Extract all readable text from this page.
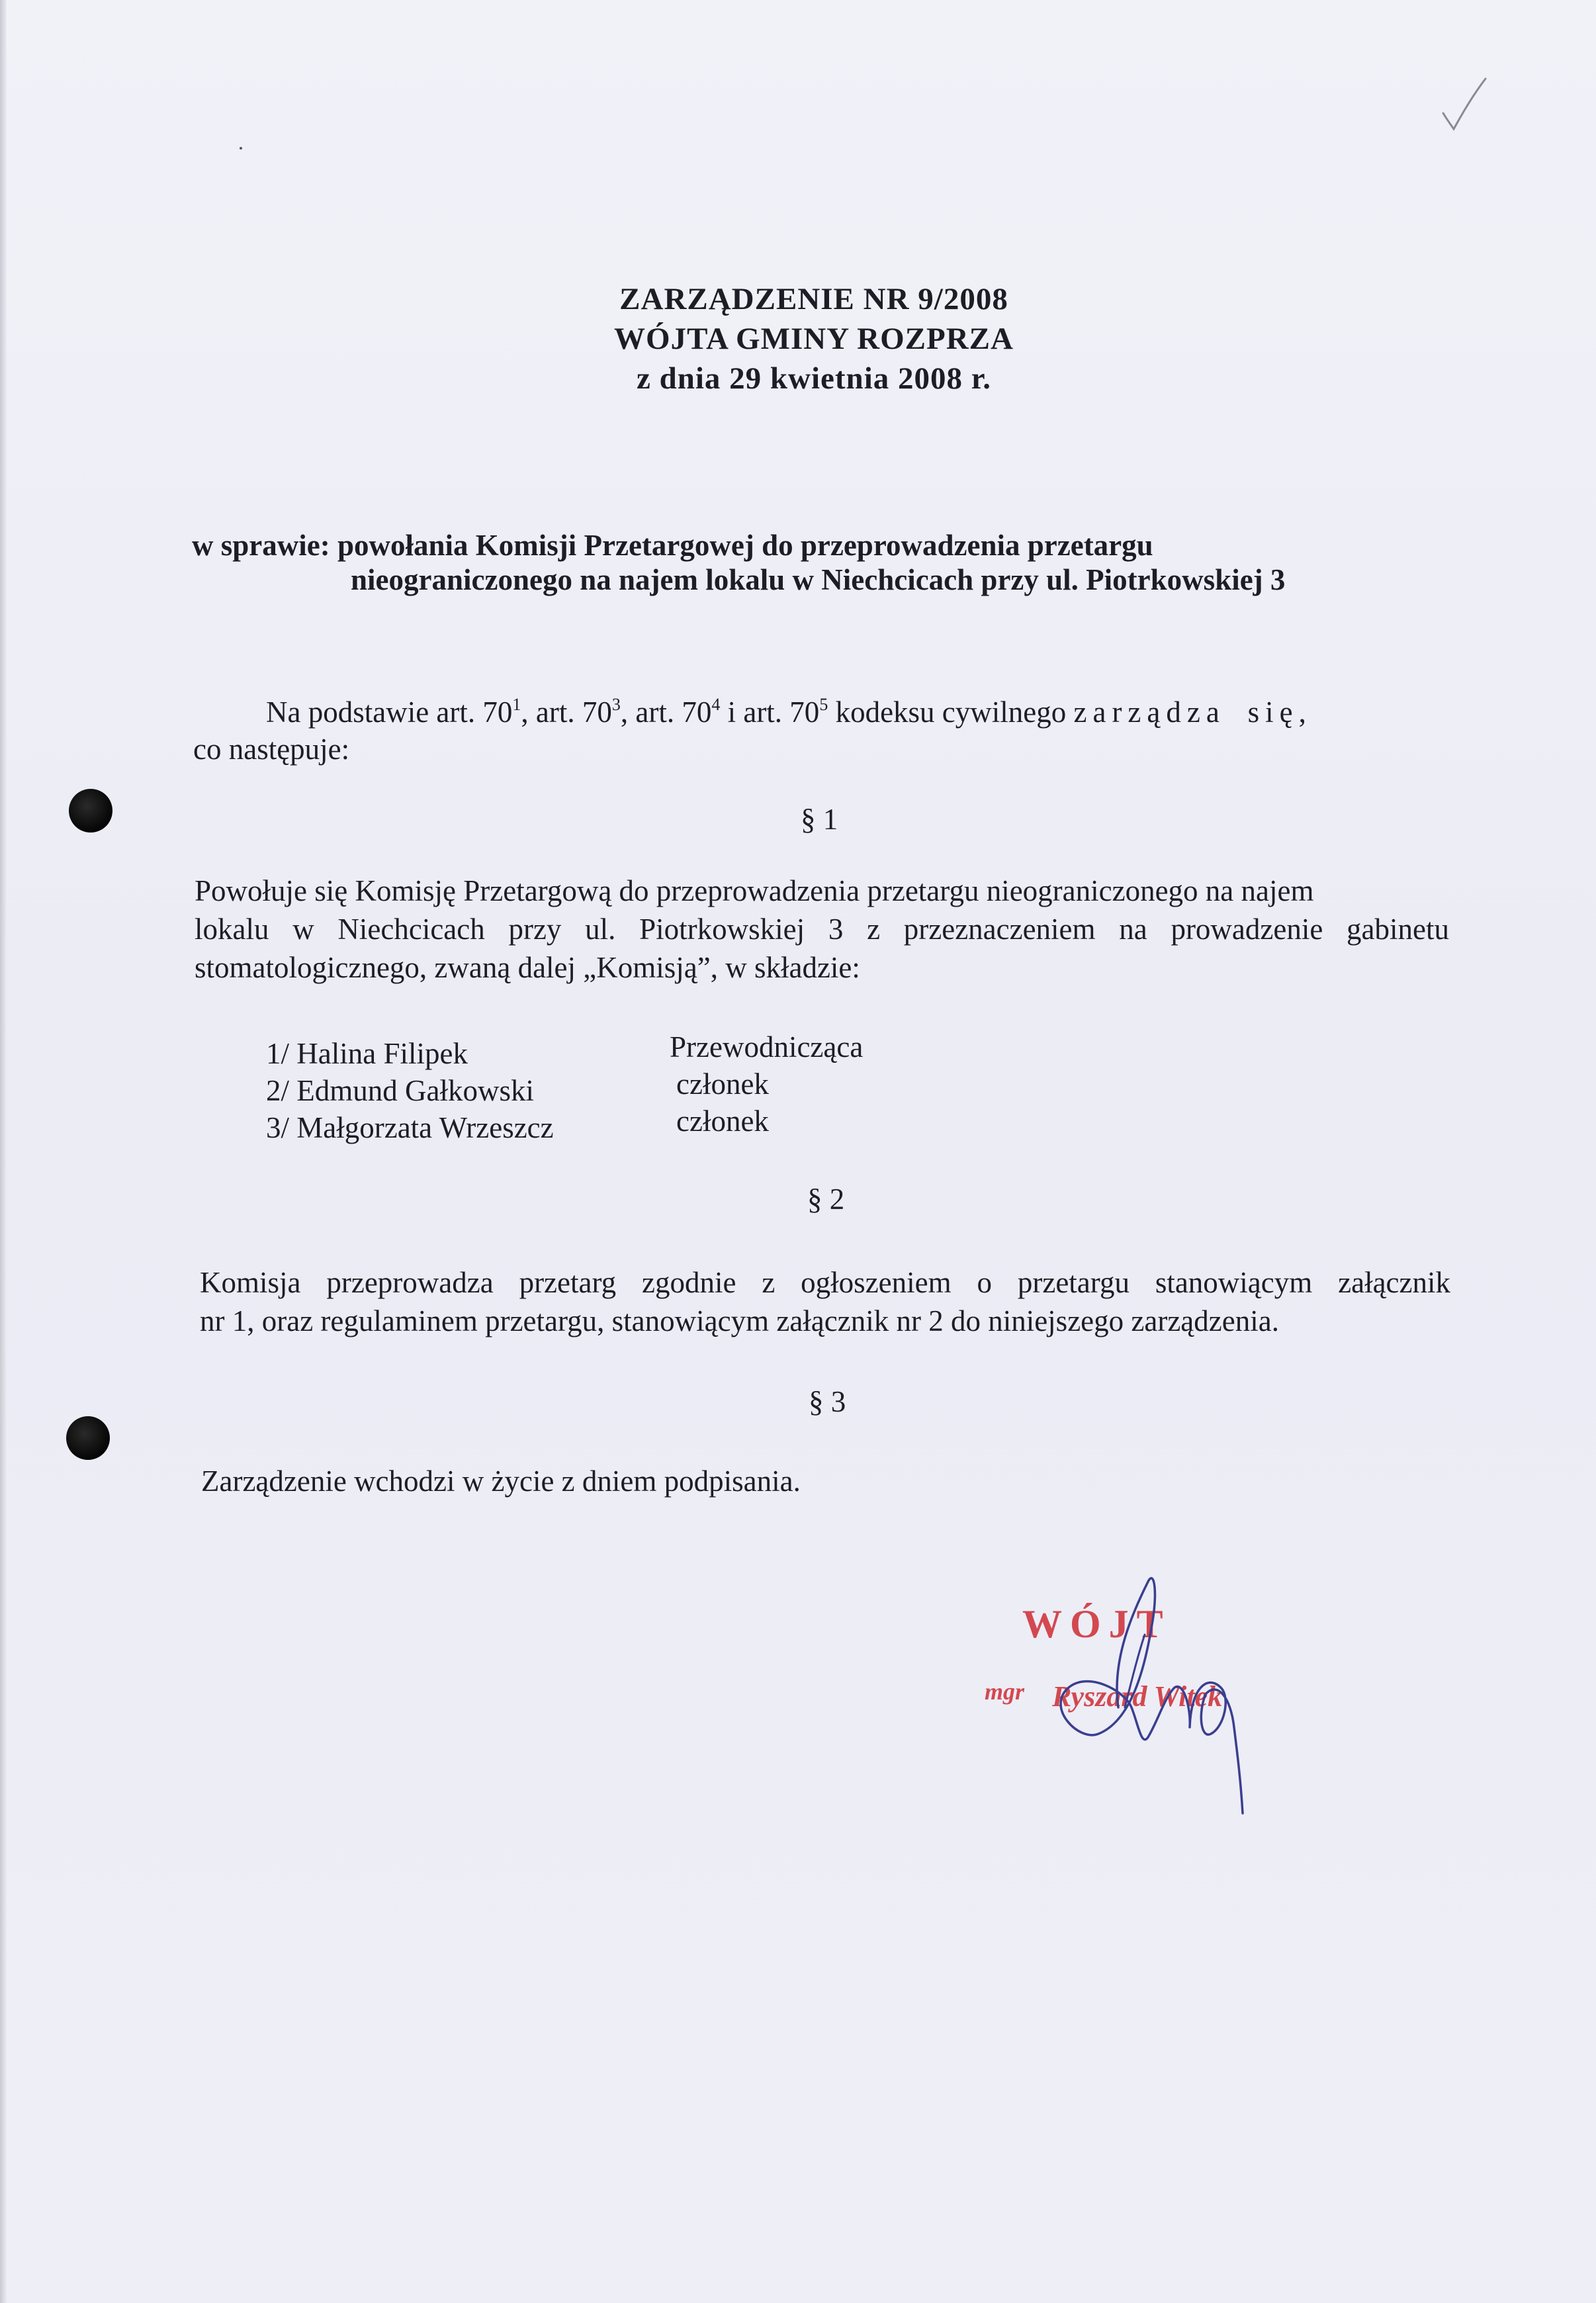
ZARZĄDZENIE NR 9/2008
WÓJTA GMINY ROZPRZA
z dnia 29 kwietnia 2008 r.
w sprawie: powołania Komisji Przetargowej do przeprowadzenia przetargu
nieograniczonego na najem lokalu w Niechcicach przy ul. Piotrkowskiej 3
Na podstawie art. $70^1$, art. $70^3$, art. $70^4$ i art. $70^5$ kodeksu cywilnego zarządza się,
co następuje:
§ 1
Powołuje się Komisję Przetargową do przeprowadzenia przetargu nieograniczonego na najem
lokalu w Niechcicach przy ul. Piotrkowskiej 3 z przeznaczeniem na prowadzenie gabinetu
stomatologicznego, zwaną dalej „Komisją”, w składzie:
1/ Halina Filipek	Przewodnicząca
2/ Edmund Gałkowski	członek
3/ Małgorzata Wrzeszcz	członek
§ 2
Komisja przeprowadza przetarg zgodnie z ogłoszeniem o przetargu stanowiącym załącznik
nr 1, oraz regulaminem przetargu, stanowiącym załącznik nr 2 do niniejszego zarządzenia.
§ 3
Zarządzenie wchodzi w życie z dniem podpisania.
WÓJT
mgr Ryszard Witek
